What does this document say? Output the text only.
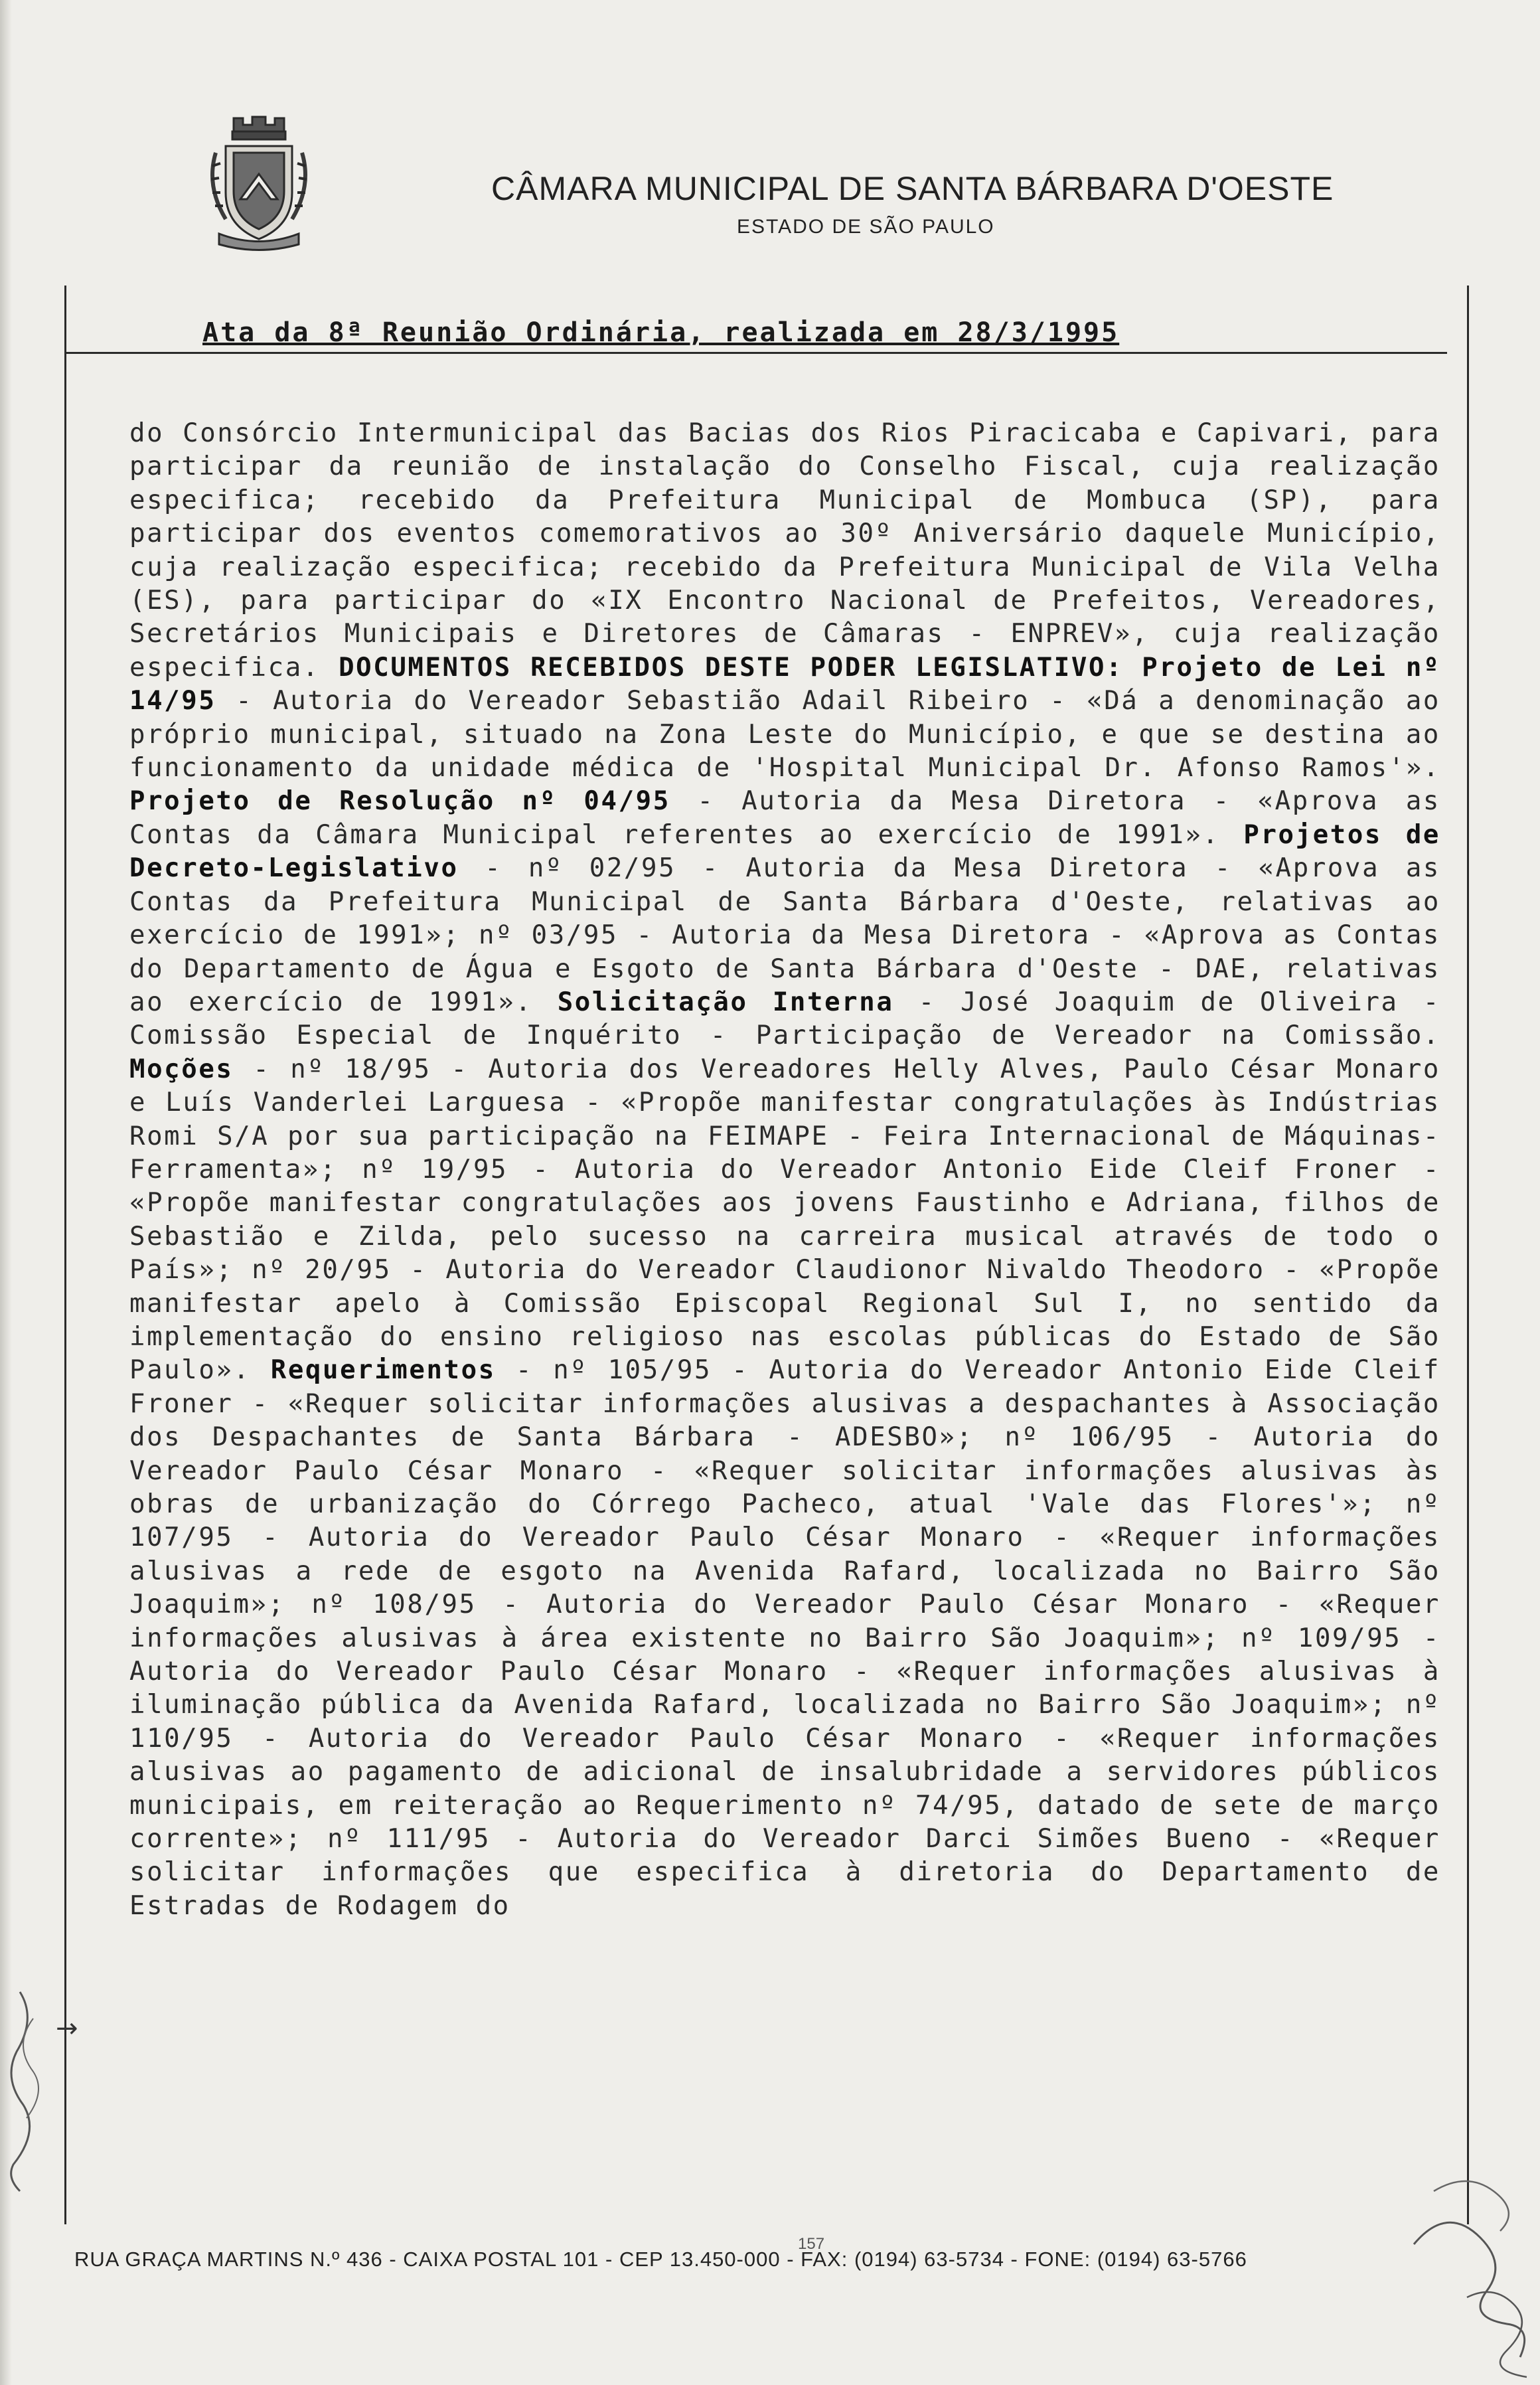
CÂMARA MUNICIPAL DE SANTA BÁRBARA D'OESTE
ESTADO DE SÃO PAULO
Ata da 8ª Reunião Ordinária, realizada em 28/3/1995
do Consórcio Intermunicipal das Bacias dos Rios Piracicaba e Capivari, para participar da reunião de instalação do Conselho Fiscal, cuja realização especifica; recebido da Prefeitura Municipal de Mombuca (SP), para participar dos eventos comemorativos ao 30º Aniversário daquele Município, cuja realização especifica; recebido da Prefeitura Municipal de Vila Velha (ES), para participar do «IX Encontro Nacional de Prefeitos, Vereadores, Secretários Municipais e Diretores de Câmaras - ENPREV», cuja realização especifica. DOCUMENTOS RECEBIDOS DESTE PODER LEGISLATIVO: Projeto de Lei nº 14/95 - Autoria do Vereador Sebastião Adail Ribeiro - «Dá a denominação ao próprio municipal, situado na Zona Leste do Município, e que se destina ao funcionamento da unidade médica de 'Hospital Municipal Dr. Afonso Ramos'». Projeto de Resolução nº 04/95 - Autoria da Mesa Diretora - «Aprova as Contas da Câmara Municipal referentes ao exercício de 1991». Projetos de Decreto-Legislativo - nº 02/95 - Autoria da Mesa Diretora - «Aprova as Contas da Prefeitura Municipal de Santa Bárbara d'Oeste, relativas ao exercício de 1991»; nº 03/95 - Autoria da Mesa Diretora - «Aprova as Contas do Departamento de Água e Esgoto de Santa Bárbara d'Oeste - DAE, relativas ao exercício de 1991». Solicitação Interna - José Joaquim de Oliveira - Comissão Especial de Inquérito - Participação de Vereador na Comissão. Moções - nº 18/95 - Autoria dos Vereadores Helly Alves, Paulo César Monaro e Luís Vanderlei Larguesa - «Propõe manifestar congratulações às Indústrias Romi S/A por sua participação na FEIMAPE - Feira Internacional de Máquinas-Ferramenta»; nº 19/95 - Autoria do Vereador Antonio Eide Cleif Froner - «Propõe manifestar congratulações aos jovens Faustinho e Adriana, filhos de Sebastião e Zilda, pelo sucesso na carreira musical através de todo o País»; nº 20/95 - Autoria do Vereador Claudionor Nivaldo Theodoro - «Propõe manifestar apelo à Comissão Episcopal Regional Sul I, no sentido da implementação do ensino religioso nas escolas públicas do Estado de São Paulo». Requerimentos - nº 105/95 - Autoria do Vereador Antonio Eide Cleif Froner - «Requer solicitar informações alusivas a despachantes à Associação dos Despachantes de Santa Bárbara - ADESBO»; nº 106/95 - Autoria do Vereador Paulo César Monaro - «Requer solicitar informações alusivas às obras de urbanização do Córrego Pacheco, atual 'Vale das Flores'»; nº 107/95 - Autoria do Vereador Paulo César Monaro - «Requer informações alusivas a rede de esgoto na Avenida Rafard, localizada no Bairro São Joaquim»; nº 108/95 - Autoria do Vereador Paulo César Monaro - «Requer informações alusivas à área existente no Bairro São Joaquim»; nº 109/95 - Autoria do Vereador Paulo César Monaro - «Requer informações alusivas à iluminação pública da Avenida Rafard, localizada no Bairro São Joaquim»; nº 110/95 - Autoria do Vereador Paulo César Monaro - «Requer informações alusivas ao pagamento de adicional de insalubridade a servidores públicos municipais, em reiteração ao Requerimento nº 74/95, datado de sete de março corrente»; nº 111/95 - Autoria do Vereador Darci Simões Bueno - «Requer solicitar informações que especifica à diretoria do Departamento de Estradas de Rodagem do
RUA GRAÇA MARTINS N.º 436 - CAIXA POSTAL 101 - CEP 13.450-000 - FAX: (0194) 63-5734 - FONE: (0194) 63-5766
157
→
